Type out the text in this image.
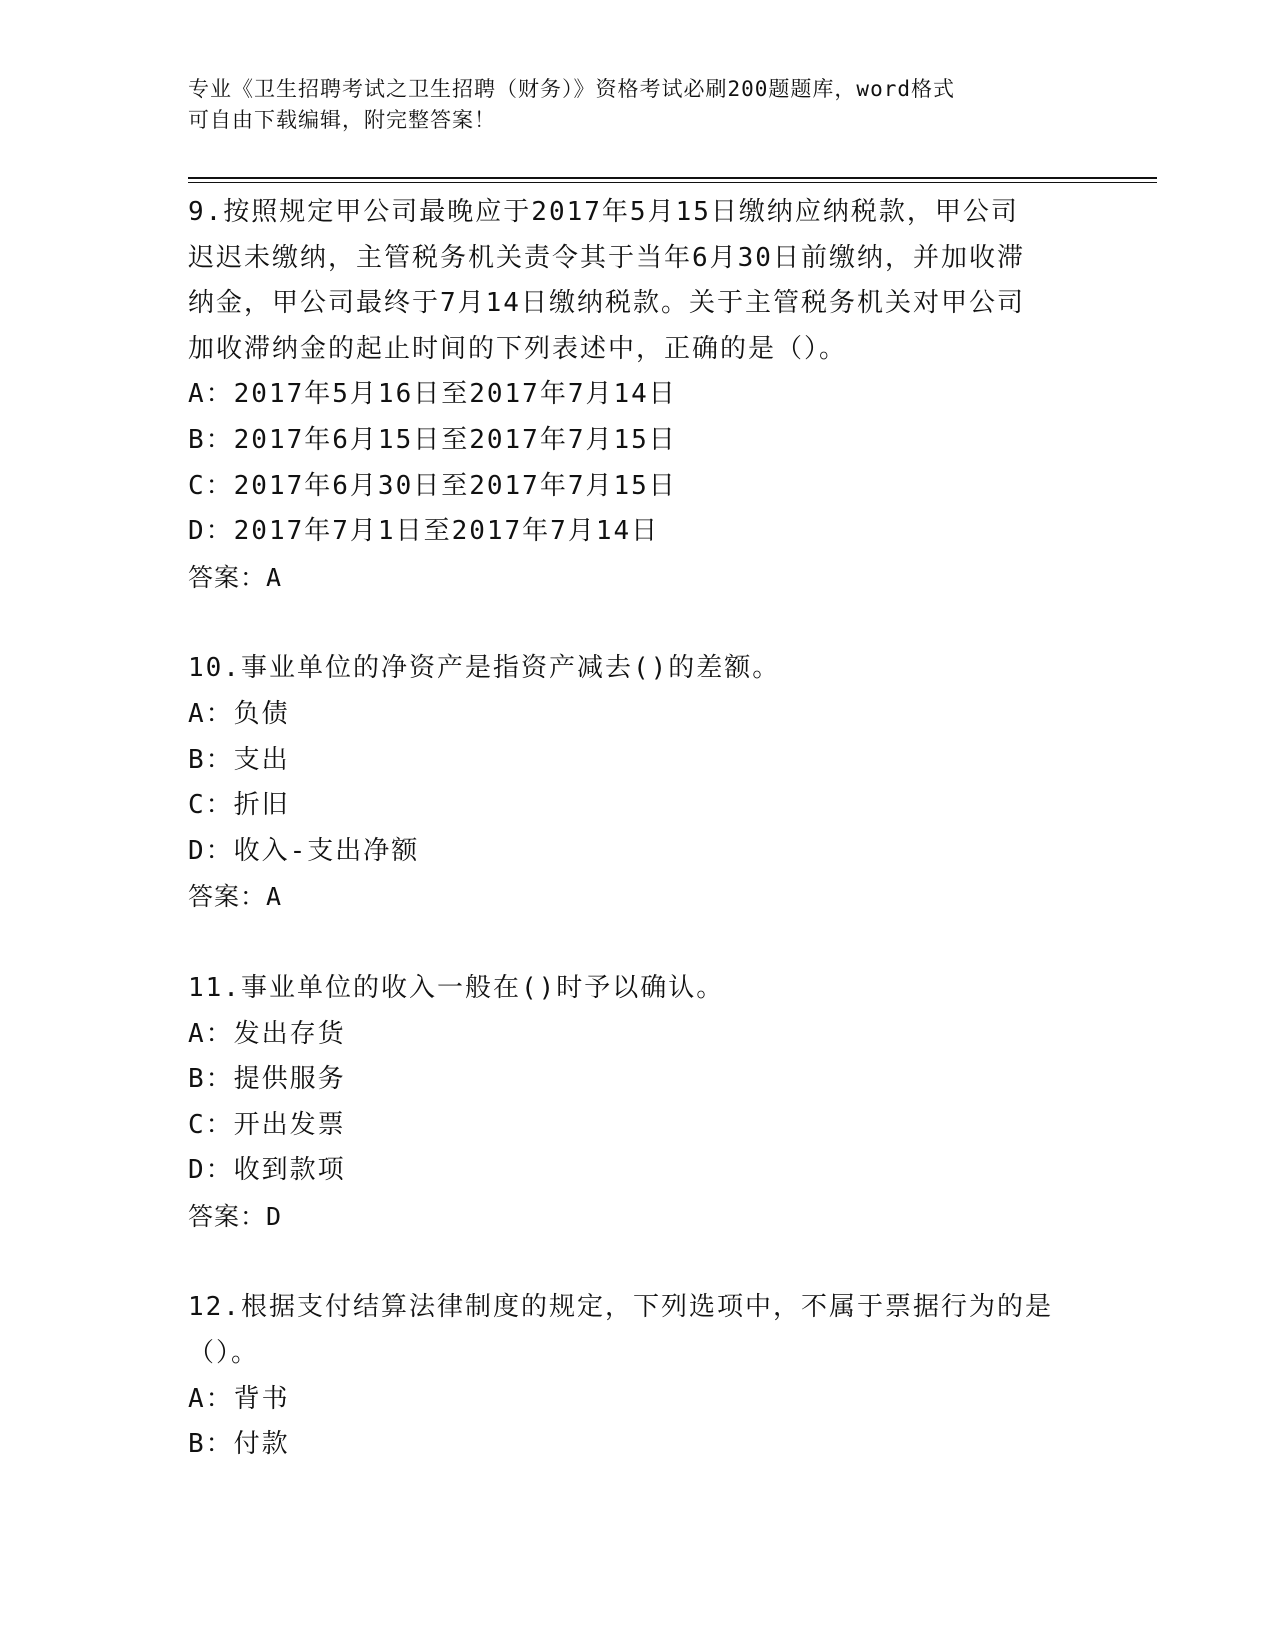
专业《卫生招聘考试之卫生招聘（财务）》资格考试必刷200题题库，word格式
可自由下载编辑，附完整答案！
9.按照规定甲公司最晚应于2017年5月15日缴纳应纳税款，甲公司
迟迟未缴纳，主管税务机关责令其于当年6月30日前缴纳，并加收滞
纳金，甲公司最终于7月14日缴纳税款。关于主管税务机关对甲公司
加收滞纳金的起止时间的下列表述中，正确的是（）。
A：2017年5月16日至2017年7月14日
B：2017年6月15日至2017年7月15日
C：2017年6月30日至2017年7月15日
D：2017年7月1日至2017年7月14日
答案：A
10.事业单位的净资产是指资产减去()的差额。
A：负债
B：支出
C：折旧
D：收入-支出净额
答案：A
11.事业单位的收入一般在()时予以确认。
A：发出存货
B：提供服务
C：开出发票
D：收到款项
答案：D
12.根据支付结算法律制度的规定，下列选项中，不属于票据行为的是
（）。
A：背书
B：付款
